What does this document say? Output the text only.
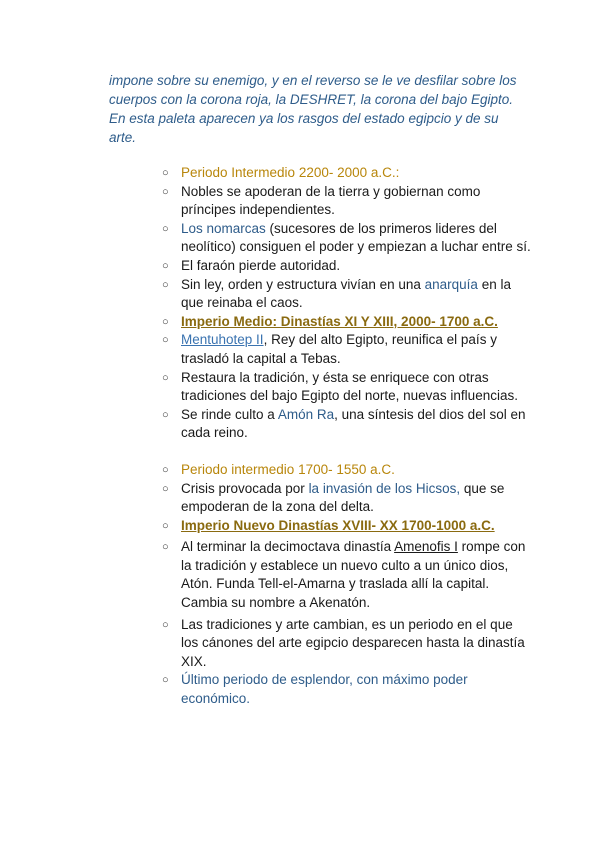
impone sobre su enemigo, y en el reverso se le ve desfilar sobre los cuerpos con la corona roja, la DESHRET, la corona del bajo Egipto.

En esta paleta aparecen ya los rasgos del estado egipcio y de su arte.

○ Periodo Intermedio 2200- 2000 a.C.:
○ Nobles se apoderan de la tierra y gobiernan como príncipes independientes.
○ Los nomarcas (sucesores de los primeros lideres del neolítico) consiguen el poder y empiezan a luchar entre sí.
○ El faraón pierde autoridad.
○ Sin ley, orden y estructura vivían en una anarquía en la que reinaba el caos.
○ Imperio Medio: Dinastías XI Y XIII, 2000- 1700 a.C.
○ Mentuhotep II, Rey del alto Egipto, reunifica el país y trasladó la capital a Tebas.
○ Restaura la tradición, y ésta se enriquece con otras tradiciones del bajo Egipto del norte, nuevas influencias.
○ Se rinde culto a Amón Ra, una síntesis del dios del sol en cada reino.
○ Periodo intermedio 1700- 1550 a.C.
○ Crisis provocada por la invasión de los Hicsos, que se empoderan de la zona del delta.
○ Imperio Nuevo Dinastías XVIII- XX 1700-1000 a.C.
○ Al terminar la decimoctava dinastía Amenofis I rompe con la tradición y establece un nuevo culto a un único dios, Atón. Funda Tell-el-Amarna y traslada allí la capital. Cambia su nombre a Akenatón.
○ Las tradiciones y arte cambian, es un periodo en el que los cánones del arte egipcio desparecen hasta la dinastía XIX.
○ Último periodo de esplendor, con máximo poder económico.
